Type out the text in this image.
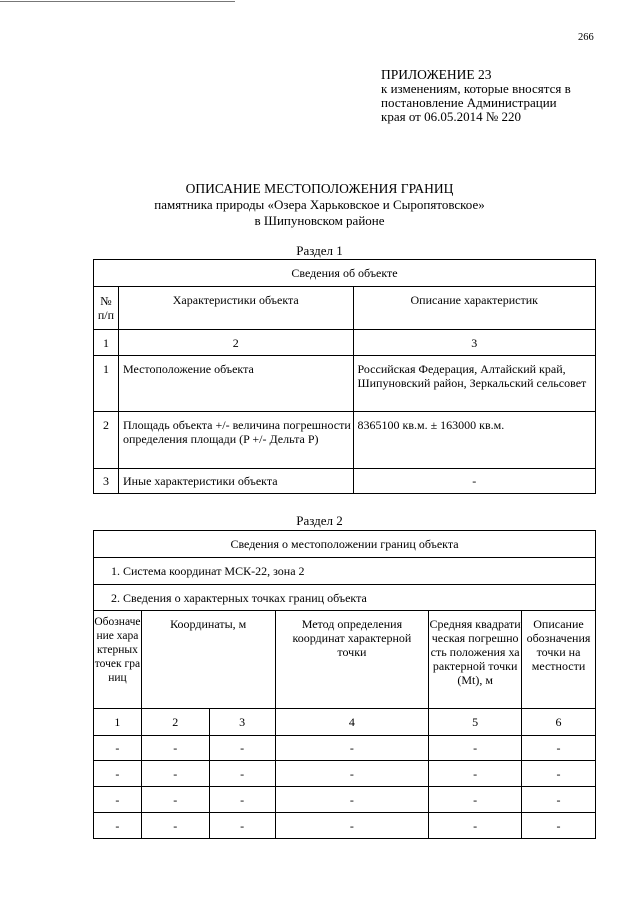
266
ПРИЛОЖЕНИЕ 23
к изменениям, которые вносятся в
постановление Администрации
края от 06.05.2014 № 220
ОПИСАНИЕ МЕСТОПОЛОЖЕНИЯ ГРАНИЦ
памятника природы «Озера Харьковское и Сыропятовское»
в Шипуновском районе
Раздел 1
Сведения об объекте		
№ п/п	Характеристики объекта	Описание характеристик
1	2	3
1	Местоположение объекта	Российская Федерация, Алтайский край, Шипуновский район, Зеркальский сельсовет
2	Площадь объекта +/- величина погрешности определения площади (P +/- Дельта P)	8365100 кв.м. ± 163000 кв.м.
3	Иные характеристики объекта	-
Раздел 2
Сведения о местоположении границ объекта					
1. Система координат МСК-22, зона 2					
2. Сведения о характерных точках границ объекта					
Обозначение характерных точек границ	Координаты, м		Метод определения координат характерной точки	Средняя квадратическая погрешность положения характерной точки (Mt), м	Описание обозначения точки на местности
1	2	3	4	5	6
-	-	-	-	-	-
-	-	-	-	-	-
-	-	-	-	-	-
-	-	-	-	-	-
